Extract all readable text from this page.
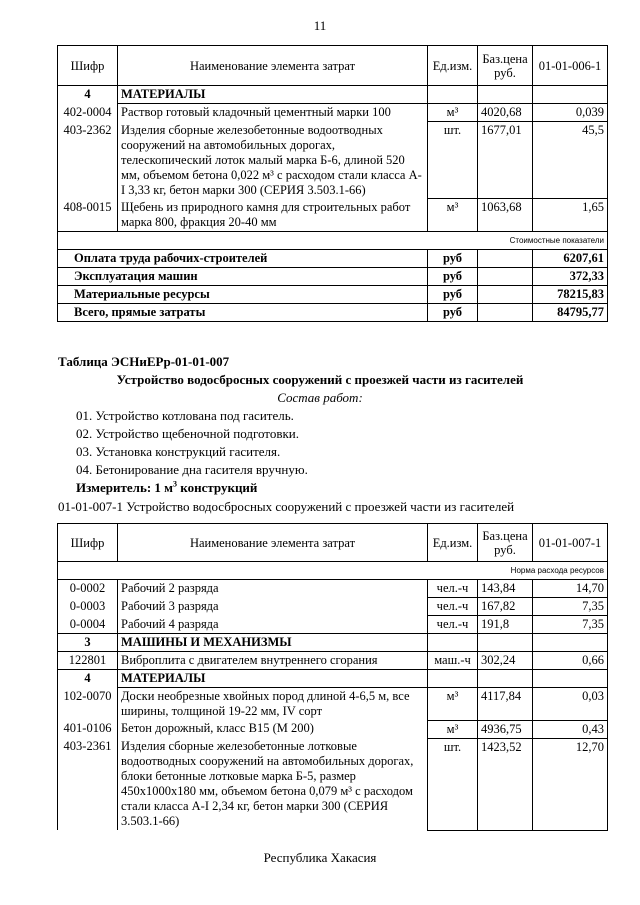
11
Шифр	Наименование элемента затрат	Ед.изм.	Баз.цена руб.	01-01-006-1
4	МАТЕРИАЛЫ			
402-0004	Раствор готовый кладочный цементный марки 100	м³	4020,68	0,039
403-2362	Изделия сборные железобетонные водоотводных сооружений на автомобильных дорогах, телескопический лоток малый марка Б-6, длиной 520 мм, объемом бетона 0,022 м³ с расходом стали класса А-I 3,33 кг, бетон марки 300 (СЕРИЯ 3.503.1-66)	шт.	1677,01	45,5
408-0015	Щебень из природного камня для строительных работ марка 800, фракция 20-40 мм	м³	1063,68	1,65
Стоимостные показатели				
Оплата труда рабочих-строителей		руб		6207,61
Эксплуатация машин		руб		372,33
Материальные ресурсы		руб		78215,83
Всего, прямые затраты		руб		84795,77
Таблица ЭСНиЕРр-01-01-007
Устройство водосбросных сооружений с проезжей части из гасителей
Состав работ:
01. Устройство котлована под гаситель.
02. Устройство щебеночной подготовки.
03. Установка конструкций гасителя.
04. Бетонирование дна гасителя вручную.
Измеритель: 1 $м^3$ конструкций
01-01-007-1 Устройство водосбросных сооружений с проезжей части из гасителей
Шифр	Наименование элемента затрат	Ед.изм.	Баз.цена руб.	01-01-007-1
Норма расхода ресурсов				
0-0002	Рабочий 2 разряда	чел.-ч	143,84	14,70
0-0003	Рабочий 3 разряда	чел.-ч	167,82	7,35
0-0004	Рабочий 4 разряда	чел.-ч	191,8	7,35
3	МАШИНЫ И МЕХАНИЗМЫ			
122801	Виброплита с двигателем внутреннего сгорания	маш.-ч	302,24	0,66
4	МАТЕРИАЛЫ			
102-0070	Доски необрезные хвойных пород длиной 4-6,5 м, все ширины, толщиной 19-22 мм, IV сорт	м³	4117,84	0,03
401-0106	Бетон дорожный, класс В15 (М 200)	м³	4936,75	0,43
403-2361	Изделия сборные железобетонные лотковые водоотводных сооружений на автомобильных дорогах, блоки бетонные лотковые марка Б-5, размер 450x1000x180 мм, объемом бетона 0,079 м³ с расходом стали класса А-I 2,34 кг, бетон марки 300 (СЕРИЯ 3.503.1-66)	шт.	1423,52	12,70
Республика Хакасия
